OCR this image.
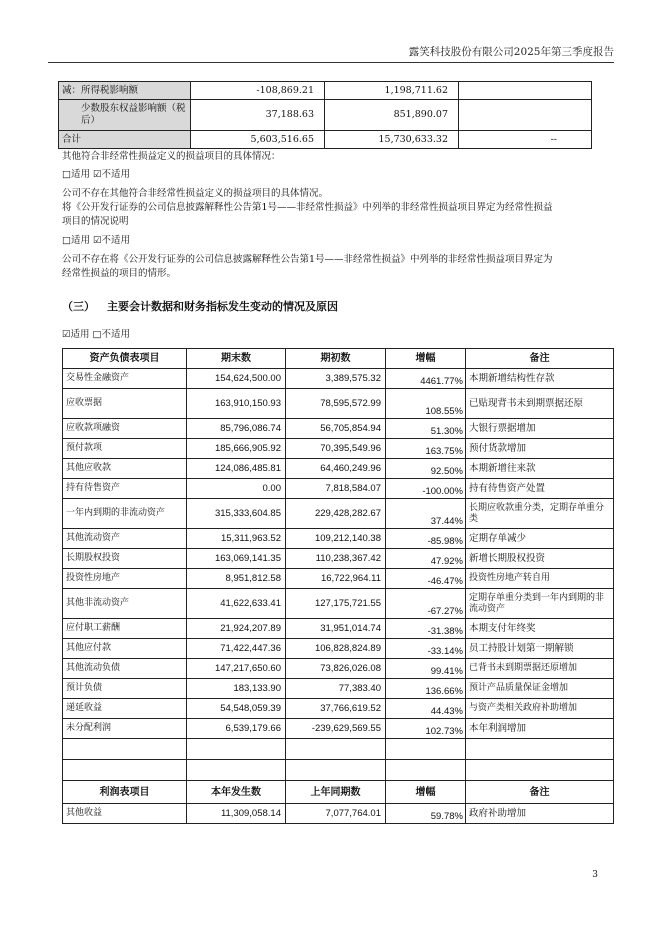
露笑科技股份有限公司2025年第三季度报告
减：所得税影响额	-108,869.21	1,198,711.62	
少数股东权益影响额（税后）	37,188.63	851,890.07	
合计	5,603,516.65	15,730,633.32	--
其他符合非经常性损益定义的损益项目的具体情况：
□适用 ☑不适用
公司不存在其他符合非经常性损益定义的损益项目的具体情况。
将《公开发行证券的公司信息披露解释性公告第1号——非经常性损益》中列举的非经常性损益项目界定为经常性损益
项目的情况说明
□适用 ☑不适用
公司不存在将《公开发行证券的公司信息披露解释性公告第1号——非经常性损益》中列举的非经常性损益项目界定为
经常性损益的项目的情形。
（三） 主要会计数据和财务指标发生变动的情况及原因
☑适用 □不适用
资产负债表项目	期末数	期初数	增幅	备注
交易性金融资产	154,624,500.00	3,389,575.32	4461.77%	本期新增结构性存款
应收票据	163,910,150.93	78,595,572.99	108.55%	已贴现背书未到期票据还原
应收款项融资	85,796,086.74	56,705,854.94	51.30%	大银行票据增加
预付款项	185,666,905.92	70,395,549.96	163.75%	预付货款增加
其他应收款	124,086,485.81	64,460,249.96	92.50%	本期新增往来款
持有待售资产	0.00	7,818,584.07	-100.00%	持有待售资产处置
一年内到期的非流动资产	315,333,604.85	229,428,282.67	37.44%	长期应收款重分类，定期存单重分类
其他流动资产	15,311,963.52	109,212,140.38	-85.98%	定期存单减少
长期股权投资	163,069,141.35	110,238,367.42	47.92%	新增长期股权投资
投资性房地产	8,951,812.58	16,722,964.11	-46.47%	投资性房地产转自用
其他非流动资产	41,622,633.41	127,175,721.55	-67.27%	定期存单重分类到一年内到期的非流动资产
应付职工薪酬	21,924,207.89	31,951,014.74	-31.38%	本期支付年终奖
其他应付款	71,422,447.36	106,828,824.89	-33.14%	员工持股计划第一期解锁
其他流动负债	147,217,650.60	73,826,026.08	99.41%	已背书未到期票据还原增加
预计负债	183,133.90	77,383.40	136.66%	预计产品质量保证金增加
递延收益	54,548,059.39	37,766,619.52	44.43%	与资产类相关政府补助增加
未分配利润	6,539,179.66	-239,629,569.55	102.73%	本年利润增加

利润表项目	本年发生数	上年同期数	增幅	备注
其他收益	11,309,058.14	7,077,764.01	59.78%	政府补助增加
3
